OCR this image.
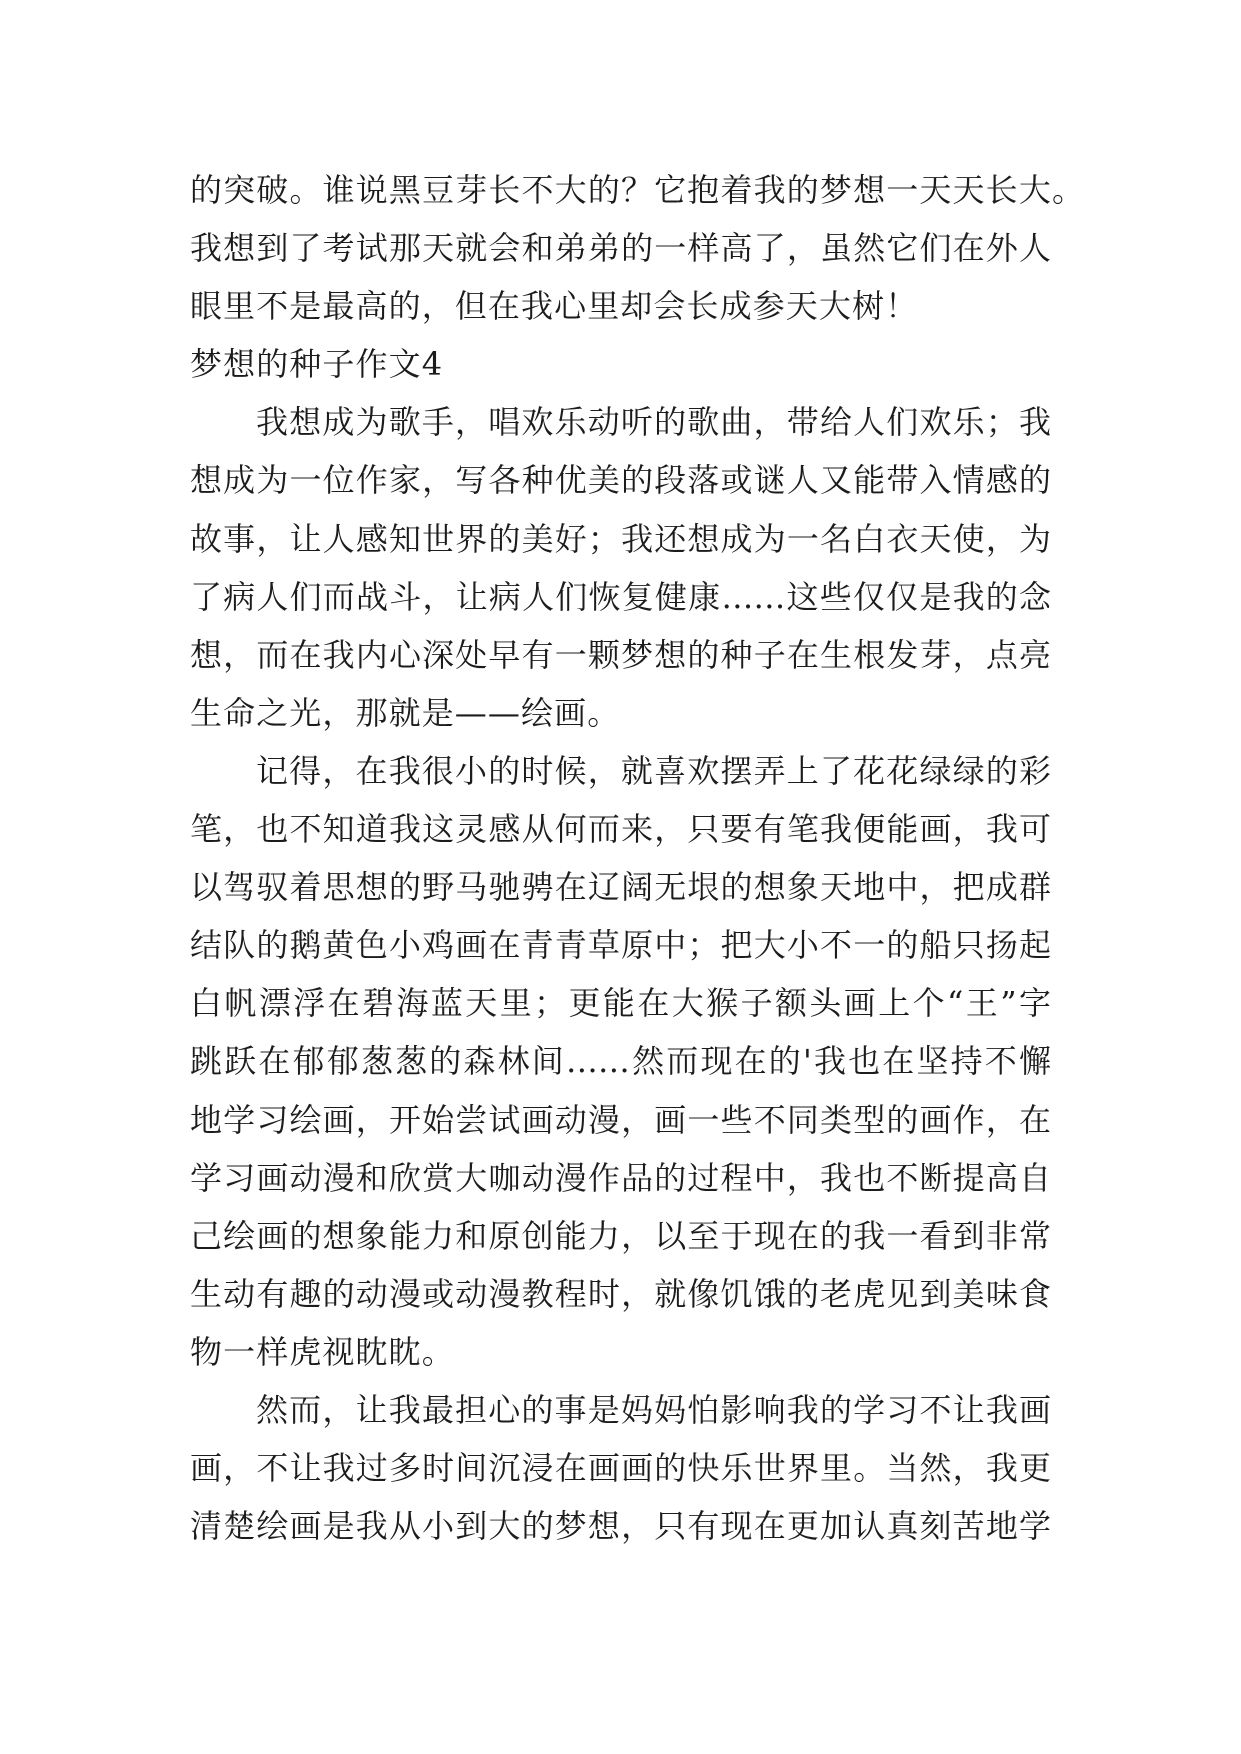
的突破。谁说黑豆芽长不大的？它抱着我的梦想一天天长大。
我想到了考试那天就会和弟弟的一样高了，虽然它们在外人
眼里不是最高的，但在我心里却会长成参天大树！
梦想的种子作文4
我想成为歌手，唱欢乐动听的歌曲，带给人们欢乐；我
想成为一位作家，写各种优美的段落或谜人又能带入情感的
故事，让人感知世界的美好；我还想成为一名白衣天使，为
了病人们而战斗，让病人们恢复健康……这些仅仅是我的念
想，而在我内心深处早有一颗梦想的种子在生根发芽，点亮
生命之光，那就是——绘画。
记得，在我很小的时候，就喜欢摆弄上了花花绿绿的彩
笔，也不知道我这灵感从何而来，只要有笔我便能画，我可
以驾驭着思想的野马驰骋在辽阔无垠的想象天地中，把成群
结队的鹅黄色小鸡画在青青草原中；把大小不一的船只扬起
白帆漂浮在碧海蓝天里；更能在大猴子额头画上个“王”字
跳跃在郁郁葱葱的森林间……然而现在的'我也在坚持不懈
地学习绘画，开始尝试画动漫，画一些不同类型的画作，在
学习画动漫和欣赏大咖动漫作品的过程中，我也不断提高自
己绘画的想象能力和原创能力，以至于现在的我一看到非常
生动有趣的动漫或动漫教程时，就像饥饿的老虎见到美味食
物一样虎视眈眈。
然而，让我最担心的事是妈妈怕影响我的学习不让我画
画，不让我过多时间沉浸在画画的快乐世界里。当然，我更
清楚绘画是我从小到大的梦想，只有现在更加认真刻苦地学
